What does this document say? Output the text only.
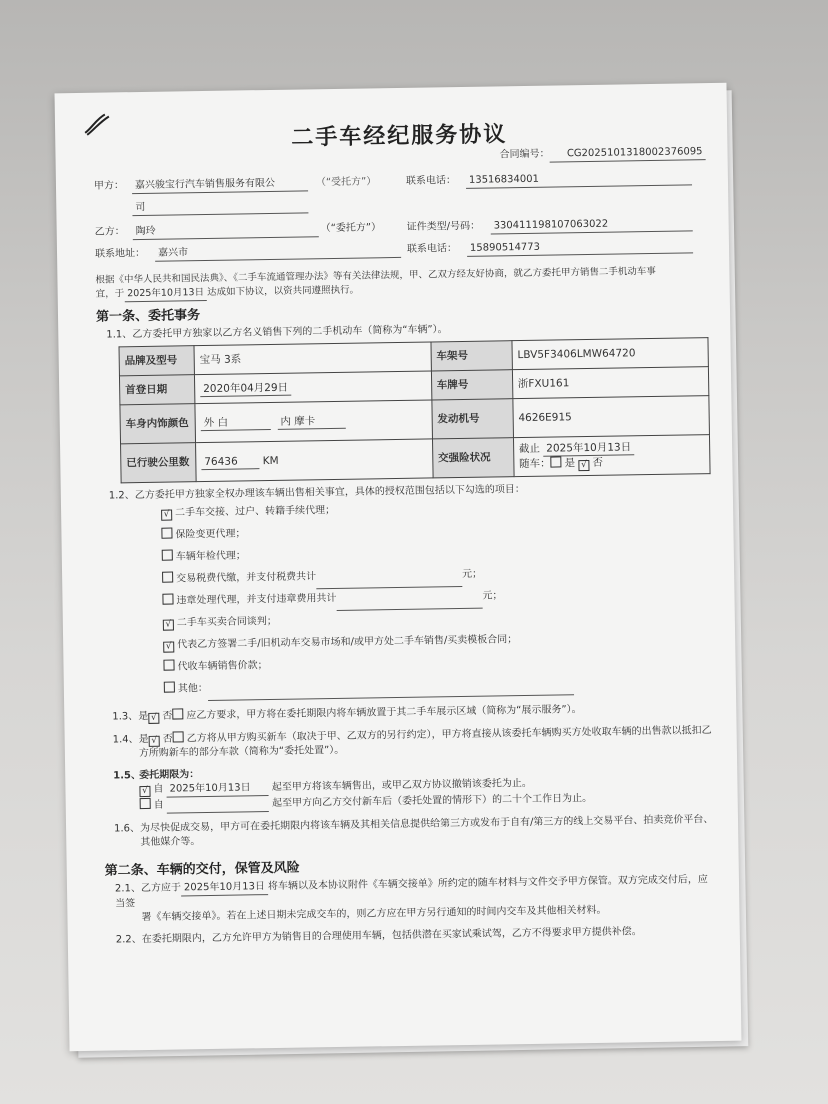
二手车经纪服务协议
合同编号： CG2025101318002376095
甲方：	嘉兴骏宝行汽车销售服务有限公	（“受托方”）	联系电话：	13516834001
司
乙方：	陶玲	（“委托方”）	证件类型/号码：	330411198107063022
联系地址：	嘉兴市	联系电话：	15890514773
根据《中华人民共和国民法典》、《二手车流通管理办法》等有关法律法规，甲、乙双方经友好协商，就乙方委托甲方销售二手机动车事
宜，于 2025年10月13日 达成如下协议，以资共同遵照执行。
第一条、委托事务
1.1、乙方委托甲方独家以乙方名义销售下列的二手机动车（简称为“车辆”）。
品牌及型号	宝马 3系	车架号	LBV5F3406LMW64720
首登日期	2020年04月29日	车牌号	浙FXU161
车身内饰颜色	外 白 内 摩卡	发动机号	4626E915
已行驶公里数	76436 KM	交强险状况	截止 2025年10月13日
随车： 是 √ 否
1.2、乙方委托甲方独家全权办理该车辆出售相关事宜，具体的授权范围包括以下勾选的项目：
√ 二手车交接、过户、转籍手续代理；
保险变更代理；
车辆年检代理；
交易税费代缴，并支付税费共计	元；
违章处理代理，并支付违章费用共计	元；
√ 二手车买卖合同谈判；
√ 代表乙方签署二手/旧机动车交易市场和/或甲方处二手车销售/买卖模板合同；
代收车辆销售价款；
其他：
1.3、是 √ 否 应乙方要求，甲方将在委托期限内将车辆放置于其二手车展示区域（简称为“展示服务”）。
1.4、是 √ 否 乙方将从甲方购买新车（取决于甲、乙双方的另行约定），甲方将直接从该委托车辆购买方处收取车辆的出售款以抵扣乙
方所购新车的部分车款（简称为“委托处置”）。
1.5、委托期限为：
√ 自 2025年10月13日 起至甲方将该车辆售出，或甲乙双方协议撤销该委托为止。
自	起至甲方向乙方交付新车后（委托处置的情形下）的二十个工作日为止。
1.6、为尽快促成交易，甲方可在委托期限内将该车辆及其相关信息提供给第三方或发布于自有/第三方的线上交易平台、拍卖竞价平台、
其他媒介等。
第二条、车辆的交付，保管及风险
2.1、乙方应于 2025年10月13日 将车辆以及本协议附件《车辆交接单》所约定的随车材料与文件交予甲方保管。双方完成交付后，应当签
署《车辆交接单》。若在上述日期未完成交车的，则乙方应在甲方另行通知的时间内交车及其他相关材料。
2.2、在委托期限内，乙方允许甲方为销售目的合理使用车辆，包括供潜在买家试乘试驾，乙方不得要求甲方提供补偿。
